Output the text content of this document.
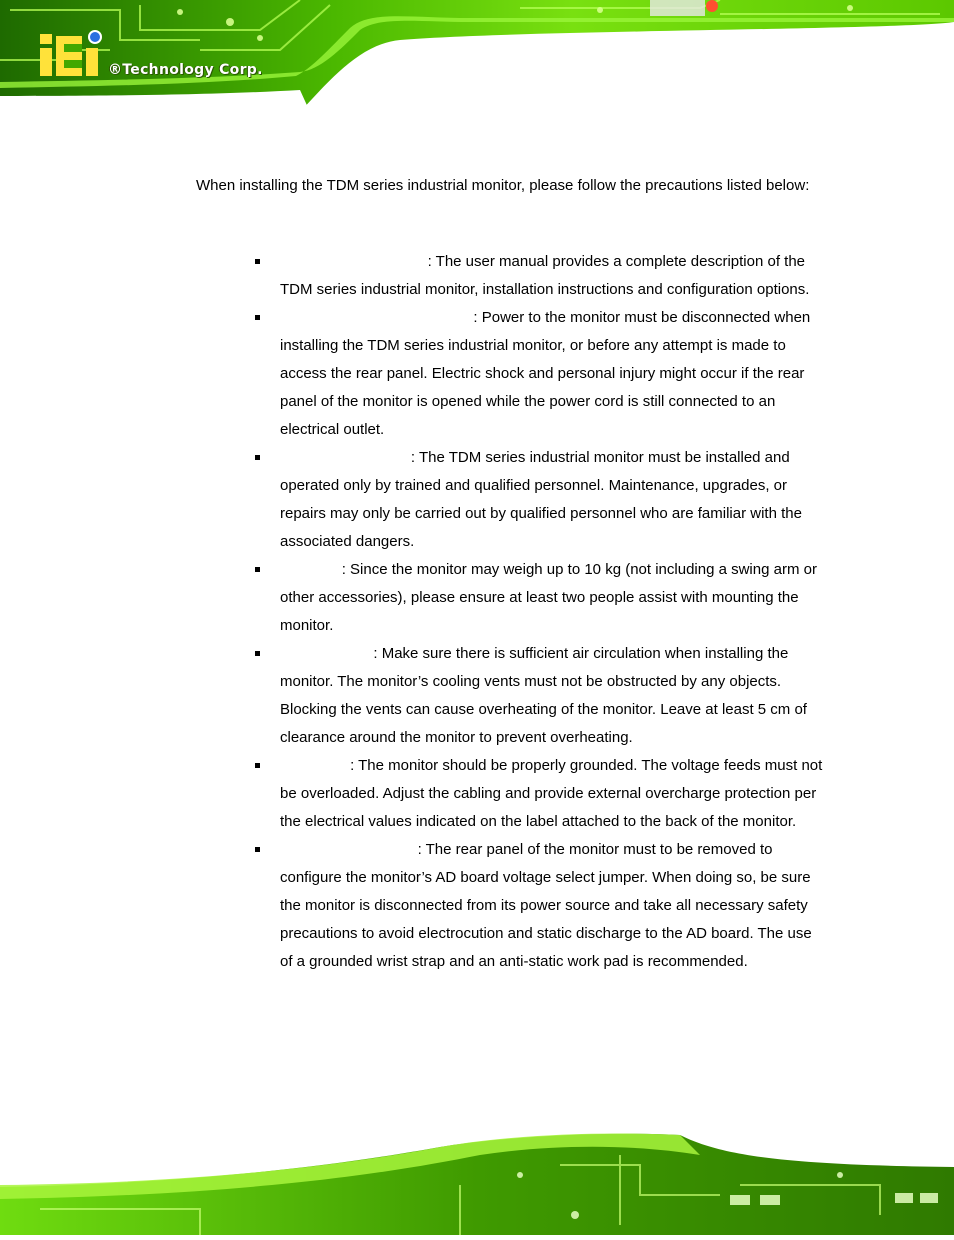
®Technology Corp.

When installing the TDM series industrial monitor, please follow the precautions listed below:

: The user manual provides a complete description of the TDM series industrial monitor, installation instructions and configuration options.
: Power to the monitor must be disconnected when installing the TDM series industrial monitor, or before any attempt is made to access the rear panel. Electric shock and personal injury might occur if the rear panel of the monitor is opened while the power cord is still connected to an electrical outlet.
: The TDM series industrial monitor must be installed and operated only by trained and qualified personnel. Maintenance, upgrades, or repairs may only be carried out by qualified personnel who are familiar with the associated dangers.
: Since the monitor may weigh up to 10 kg (not including a swing arm or other accessories), please ensure at least two people assist with mounting the monitor.
: Make sure there is sufficient air circulation when installing the monitor. The monitor’s cooling vents must not be obstructed by any objects. Blocking the vents can cause overheating of the monitor. Leave at least 5 cm of clearance around the monitor to prevent overheating.
: The monitor should be properly grounded. The voltage feeds must not be overloaded. Adjust the cabling and provide external overcharge protection per the electrical values indicated on the label attached to the back of the monitor.
: The rear panel of the monitor must to be removed to configure the monitor’s AD board voltage select jumper. When doing so, be sure the monitor is disconnected from its power source and take all necessary safety precautions to avoid electrocution and static discharge to the AD board. The use of a grounded wrist strap and an anti-static work pad is recommended.
